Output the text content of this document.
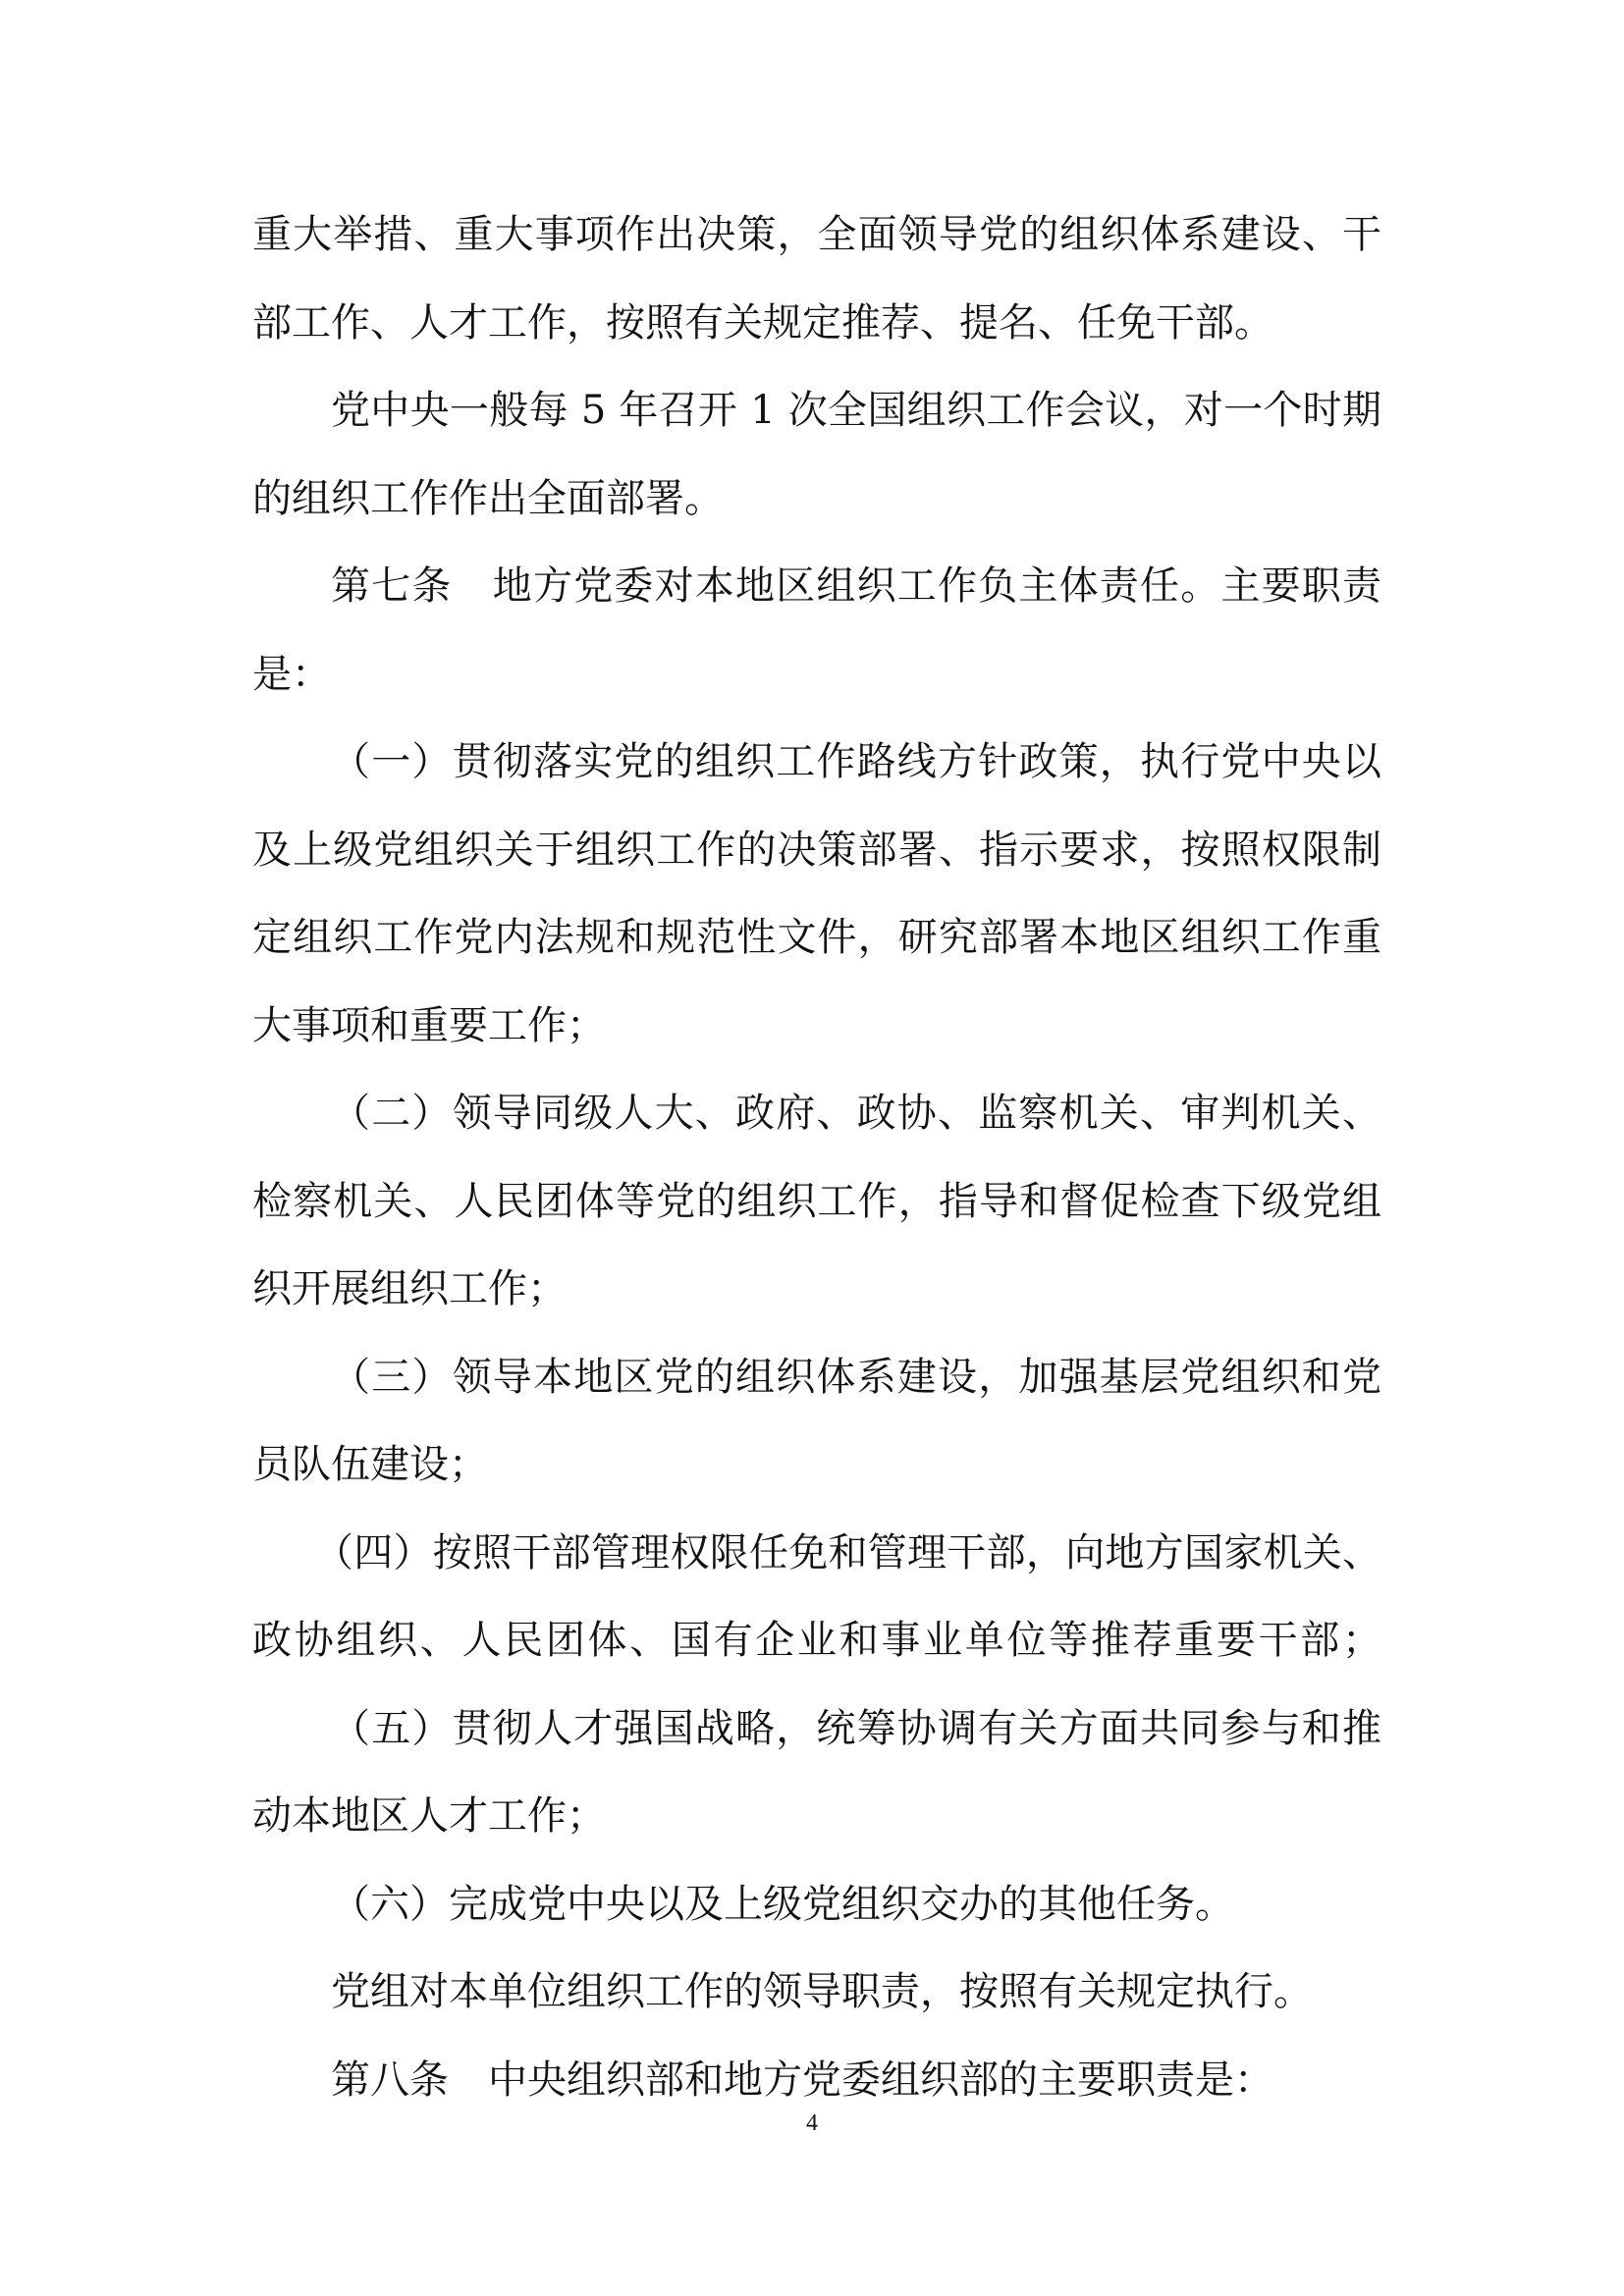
重大举措、重大事项作出决策，全面领导党的组织体系建设、干

部工作、人才工作，按照有关规定推荐、提名、任免干部。

党中央一般每 5 年召开 1 次全国组织工作会议，对一个时期

的组织工作作出全面部署。

第七条　地方党委对本地区组织工作负主体责任。主要职责

是：

（一）贯彻落实党的组织工作路线方针政策，执行党中央以

及上级党组织关于组织工作的决策部署、指示要求，按照权限制

定组织工作党内法规和规范性文件，研究部署本地区组织工作重

大事项和重要工作；

（二）领导同级人大、政府、政协、监察机关、审判机关、

检察机关、人民团体等党的组织工作，指导和督促检查下级党组

织开展组织工作；

（三）领导本地区党的组织体系建设，加强基层党组织和党

员队伍建设；

（四）按照干部管理权限任免和管理干部，向地方国家机关、

政协组织、人民团体、国有企业和事业单位等推荐重要干部；

（五）贯彻人才强国战略，统筹协调有关方面共同参与和推

动本地区人才工作；

（六）完成党中央以及上级党组织交办的其他任务。

党组对本单位组织工作的领导职责，按照有关规定执行。

第八条　中央组织部和地方党委组织部的主要职责是：

4
